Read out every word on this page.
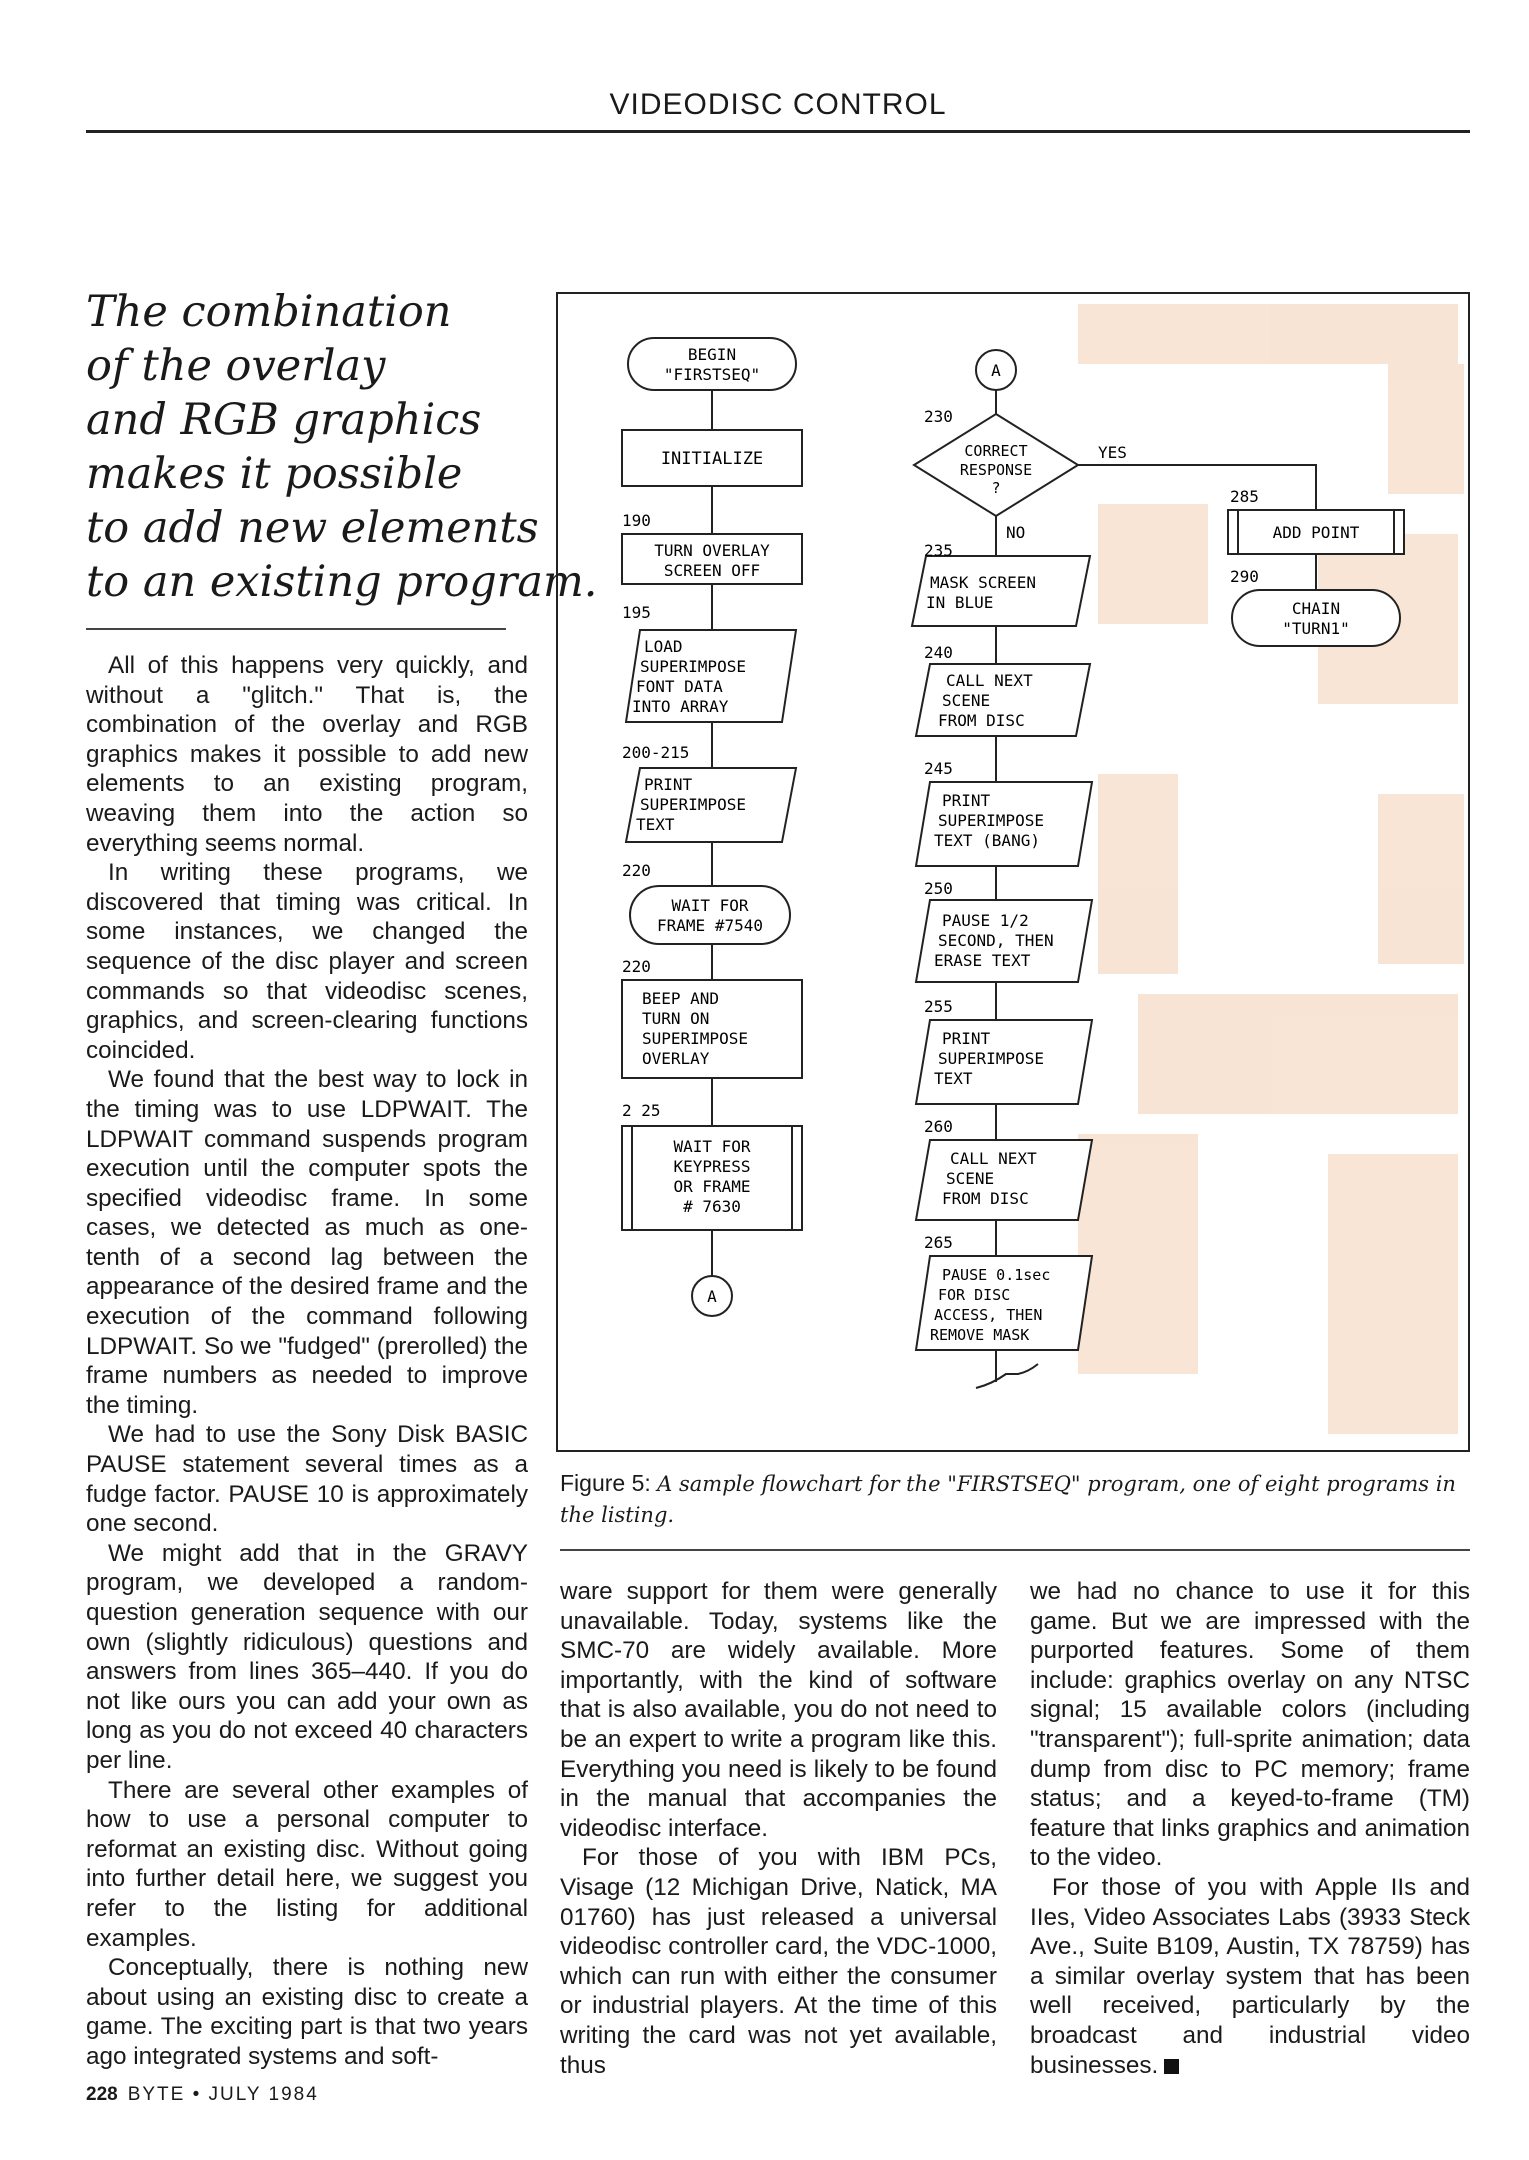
VIDEODISC CONTROL
The combination
of the overlay
and RGB graphics
makes it possible
to add new elements
to an existing program.

All of this happens very quickly, and without a "glitch." That is, the combination of the overlay and RGB graphics makes it possible to add new elements to an existing program, weaving them into the action so everything seems normal.

In writing these programs, we discovered that timing was critical. In some instances, we changed the sequence of the disc player and screen commands so that videodisc scenes, graphics, and screen-clearing functions coincided.

We found that the best way to lock in the timing was to use LDPWAIT. The LDPWAIT command suspends program execution until the computer spots the specified videodisc frame. In some cases, we detected as much as one-tenth of a second lag between the appearance of the desired frame and the execution of the command following LDPWAIT. So we "fudged" (prerolled) the frame numbers as needed to improve the timing.

We had to use the Sony Disk BASIC PAUSE statement several times as a fudge factor. PAUSE 10 is approximately one second.

We might add that in the GRAVY program, we developed a random-question generation sequence with our own (slightly ridiculous) questions and answers from lines 365–440. If you do not like ours you can add your own as long as you do not exceed 40 characters per line.

There are several other examples of how to use a personal computer to reformat an existing disc. Without going into further detail here, we suggest you refer to the listing for additional examples.

Conceptually, there is nothing new about using an existing disc to create a game. The exciting part is that two years ago integrated systems and soft-

BEGIN
"FIRSTSEQ"
INITIALIZE
190
TURN OVERLAY
SCREEN OFF
195
LOAD
SUPERIMPOSE
FONT DATA
INTO ARRAY
200-215
PRINT
SUPERIMPOSE
TEXT
220
WAIT FOR
FRAME #7540
220
BEEP AND
TURN ON
SUPERIMPOSE
OVERLAY
2 25
WAIT FOR
KEYPRESS
OR FRAME
# 7630
A
A
230
CORRECT
RESPONSE
?
YES
NO
235
MASK SCREEN
IN BLUE
240
CALL NEXT
SCENE
FROM DISC
245
PRINT
SUPERIMPOSE
TEXT (BANG)
250
PAUSE 1/2
SECOND, THEN
ERASE TEXT
255
PRINT
SUPERIMPOSE
TEXT
260
CALL NEXT
SCENE
FROM DISC
265
PAUSE 0.1sec
FOR DISC
ACCESS, THEN
REMOVE MASK
285
ADD POINT
290
CHAIN
"TURN1"
Figure 5: A sample flowchart for the "FIRSTSEQ" program, one of eight programs in the listing.

ware support for them were generally unavailable. Today, systems like the SMC-70 are widely available. More importantly, with the kind of software that is also available, you do not need to be an expert to write a program like this. Everything you need is likely to be found in the manual that accompanies the videodisc interface.

For those of you with IBM PCs, Visage (12 Michigan Drive, Natick, MA 01760) has just released a universal videodisc controller card, the VDC-1000, which can run with either the consumer or industrial players. At the time of this writing the card was not yet available, thus

we had no chance to use it for this game. But we are impressed with the purported features. Some of them include: graphics overlay on any NTSC signal; 15 available colors (including "transparent"); full-sprite animation; data dump from disc to PC memory; frame status; and a keyed-to-frame (TM) feature that links graphics and animation to the video.

For those of you with Apple IIs and IIes, Video Associates Labs (3933 Steck Ave., Suite B109, Austin, TX 78759) has a similar overlay system that has been well received, particularly by the broadcast and industrial video businesses.

228 BYTE • JULY 1984
